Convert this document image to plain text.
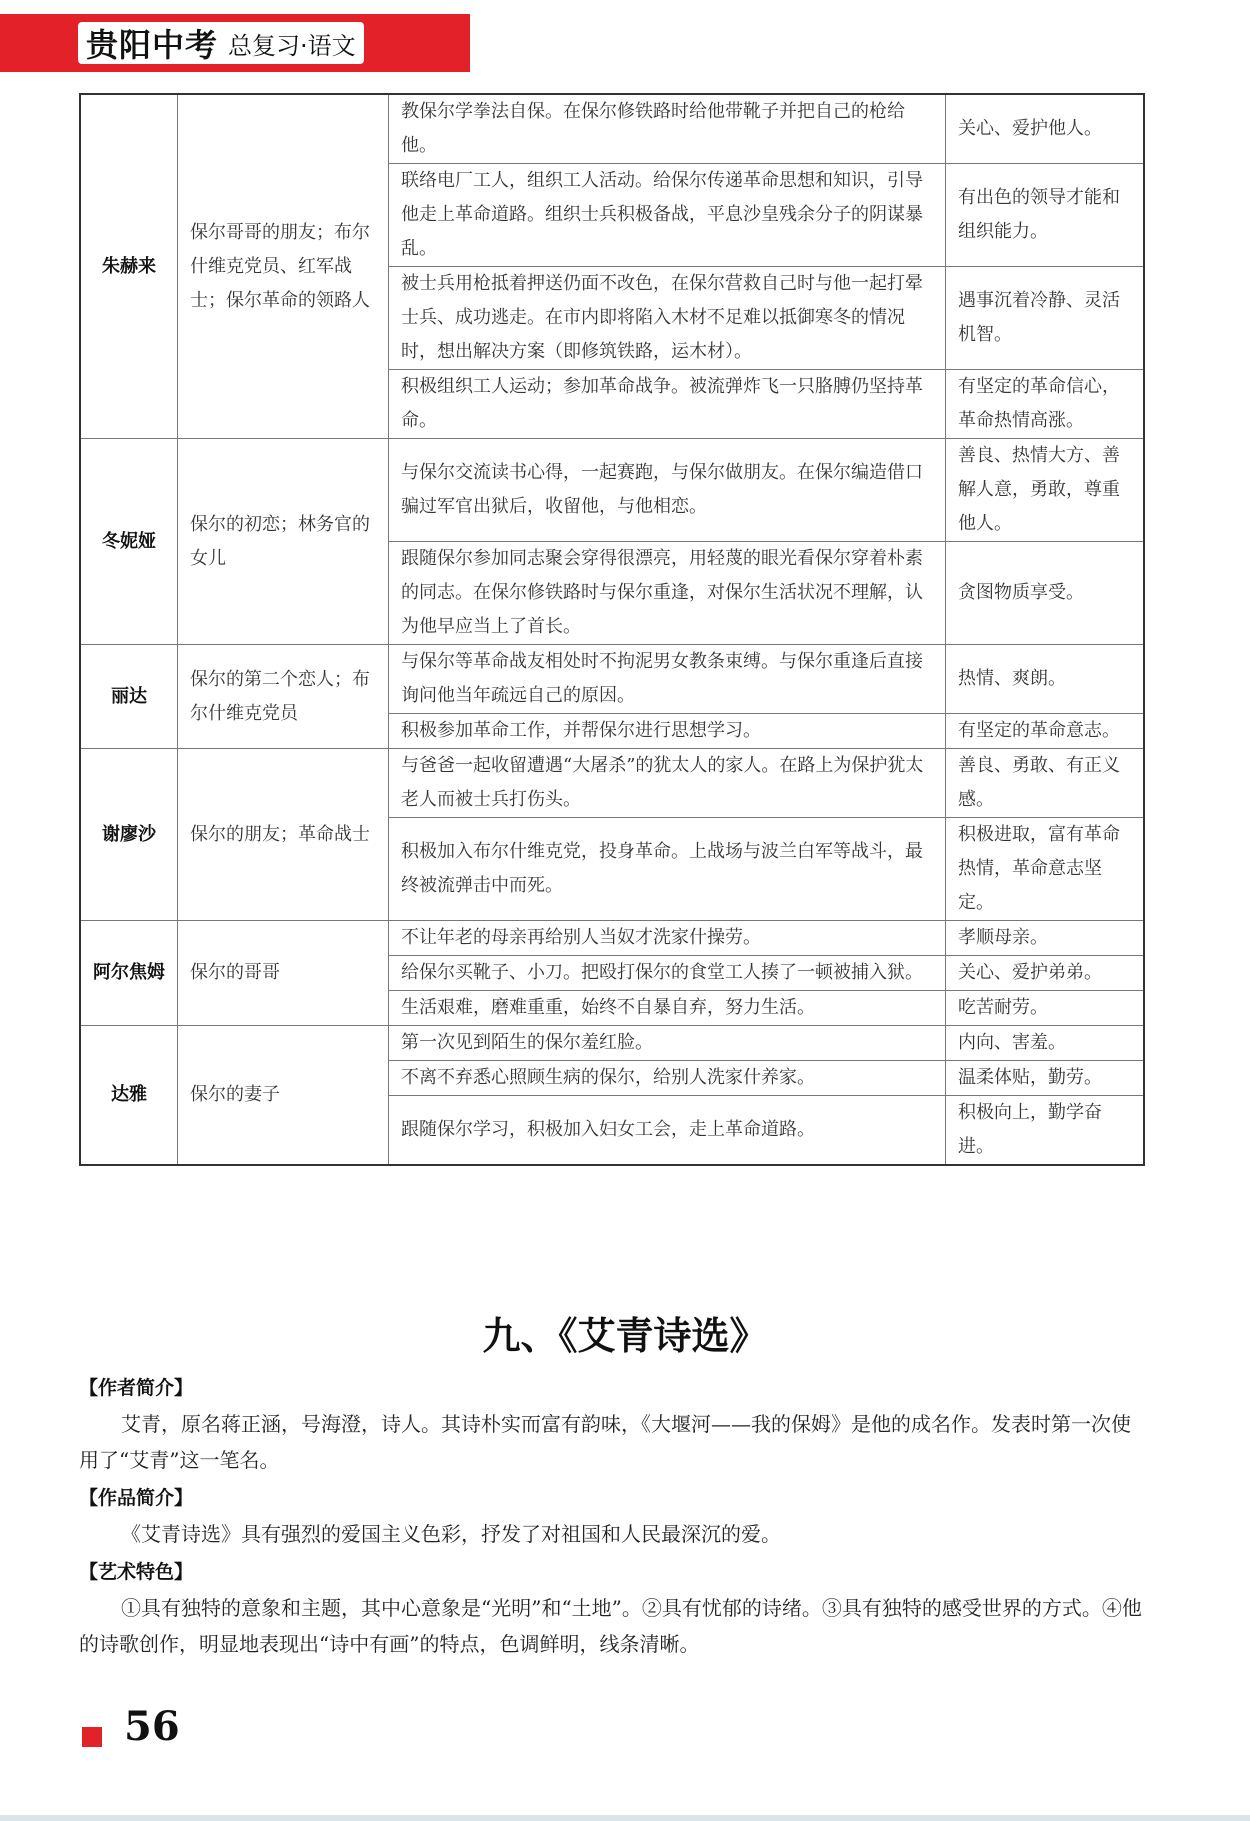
贵阳中考 总复习·语文
朱赫来	保尔哥哥的朋友；布尔什维克党员、红军战士；保尔革命的领路人	教保尔学拳法自保。在保尔修铁路时给他带靴子并把自己的枪给他。	关心、爱护他人。
		联络电厂工人，组织工人活动。给保尔传递革命思想和知识，引导他走上革命道路。组织士兵积极备战，平息沙皇残余分子的阴谋暴乱。	有出色的领导才能和组织能力。
		被士兵用枪抵着押送仍面不改色，在保尔营救自己时与他一起打晕士兵、成功逃走。在市内即将陷入木材不足难以抵御寒冬的情况时，想出解决方案（即修筑铁路，运木材）。	遇事沉着冷静、灵活机智。
		积极组织工人运动；参加革命战争。被流弹炸飞一只胳膊仍坚持革命。	有坚定的革命信心，革命热情高涨。
冬妮娅	保尔的初恋；林务官的女儿	与保尔交流读书心得，一起赛跑，与保尔做朋友。在保尔编造借口骗过军官出狱后，收留他，与他相恋。	善良、热情大方、善解人意，勇敢，尊重他人。
		跟随保尔参加同志聚会穿得很漂亮，用轻蔑的眼光看保尔穿着朴素的同志。在保尔修铁路时与保尔重逢，对保尔生活状况不理解，认为他早应当上了首长。	贪图物质享受。
丽达	保尔的第二个恋人；布尔什维克党员	与保尔等革命战友相处时不拘泥男女教条束缚。与保尔重逢后直接询问他当年疏远自己的原因。	热情、爽朗。
		积极参加革命工作，并帮保尔进行思想学习。	有坚定的革命意志。
谢廖沙	保尔的朋友；革命战士	与爸爸一起收留遭遇“大屠杀”的犹太人的家人。在路上为保护犹太老人而被士兵打伤头。	善良、勇敢、有正义感。
		积极加入布尔什维克党，投身革命。上战场与波兰白军等战斗，最终被流弹击中而死。	积极进取，富有革命热情，革命意志坚定。
阿尔焦姆	保尔的哥哥	不让年老的母亲再给别人当奴才洗家什操劳。	孝顺母亲。
		给保尔买靴子、小刀。把殴打保尔的食堂工人揍了一顿被捕入狱。	关心、爱护弟弟。
		生活艰难，磨难重重，始终不自暴自弃，努力生活。	吃苦耐劳。
达雅	保尔的妻子	第一次见到陌生的保尔羞红脸。	内向、害羞。
		不离不弃悉心照顾生病的保尔，给别人洗家什养家。	温柔体贴，勤劳。
		跟随保尔学习，积极加入妇女工会，走上革命道路。	积极向上，勤学奋进。
九、《艾青诗选》
【作者简介】

艾青，原名蒋正涵，号海澄，诗人。其诗朴实而富有韵味，《大堰河——我的保姆》是他的成名作。发表时第一次使用了“艾青”这一笔名。

【作品简介】

《艾青诗选》具有强烈的爱国主义色彩，抒发了对祖国和人民最深沉的爱。

【艺术特色】

①具有独特的意象和主题，其中心意象是“光明”和“土地”。②具有忧郁的诗绪。③具有独特的感受世界的方式。④他的诗歌创作，明显地表现出“诗中有画”的特点，色调鲜明，线条清晰。

56
